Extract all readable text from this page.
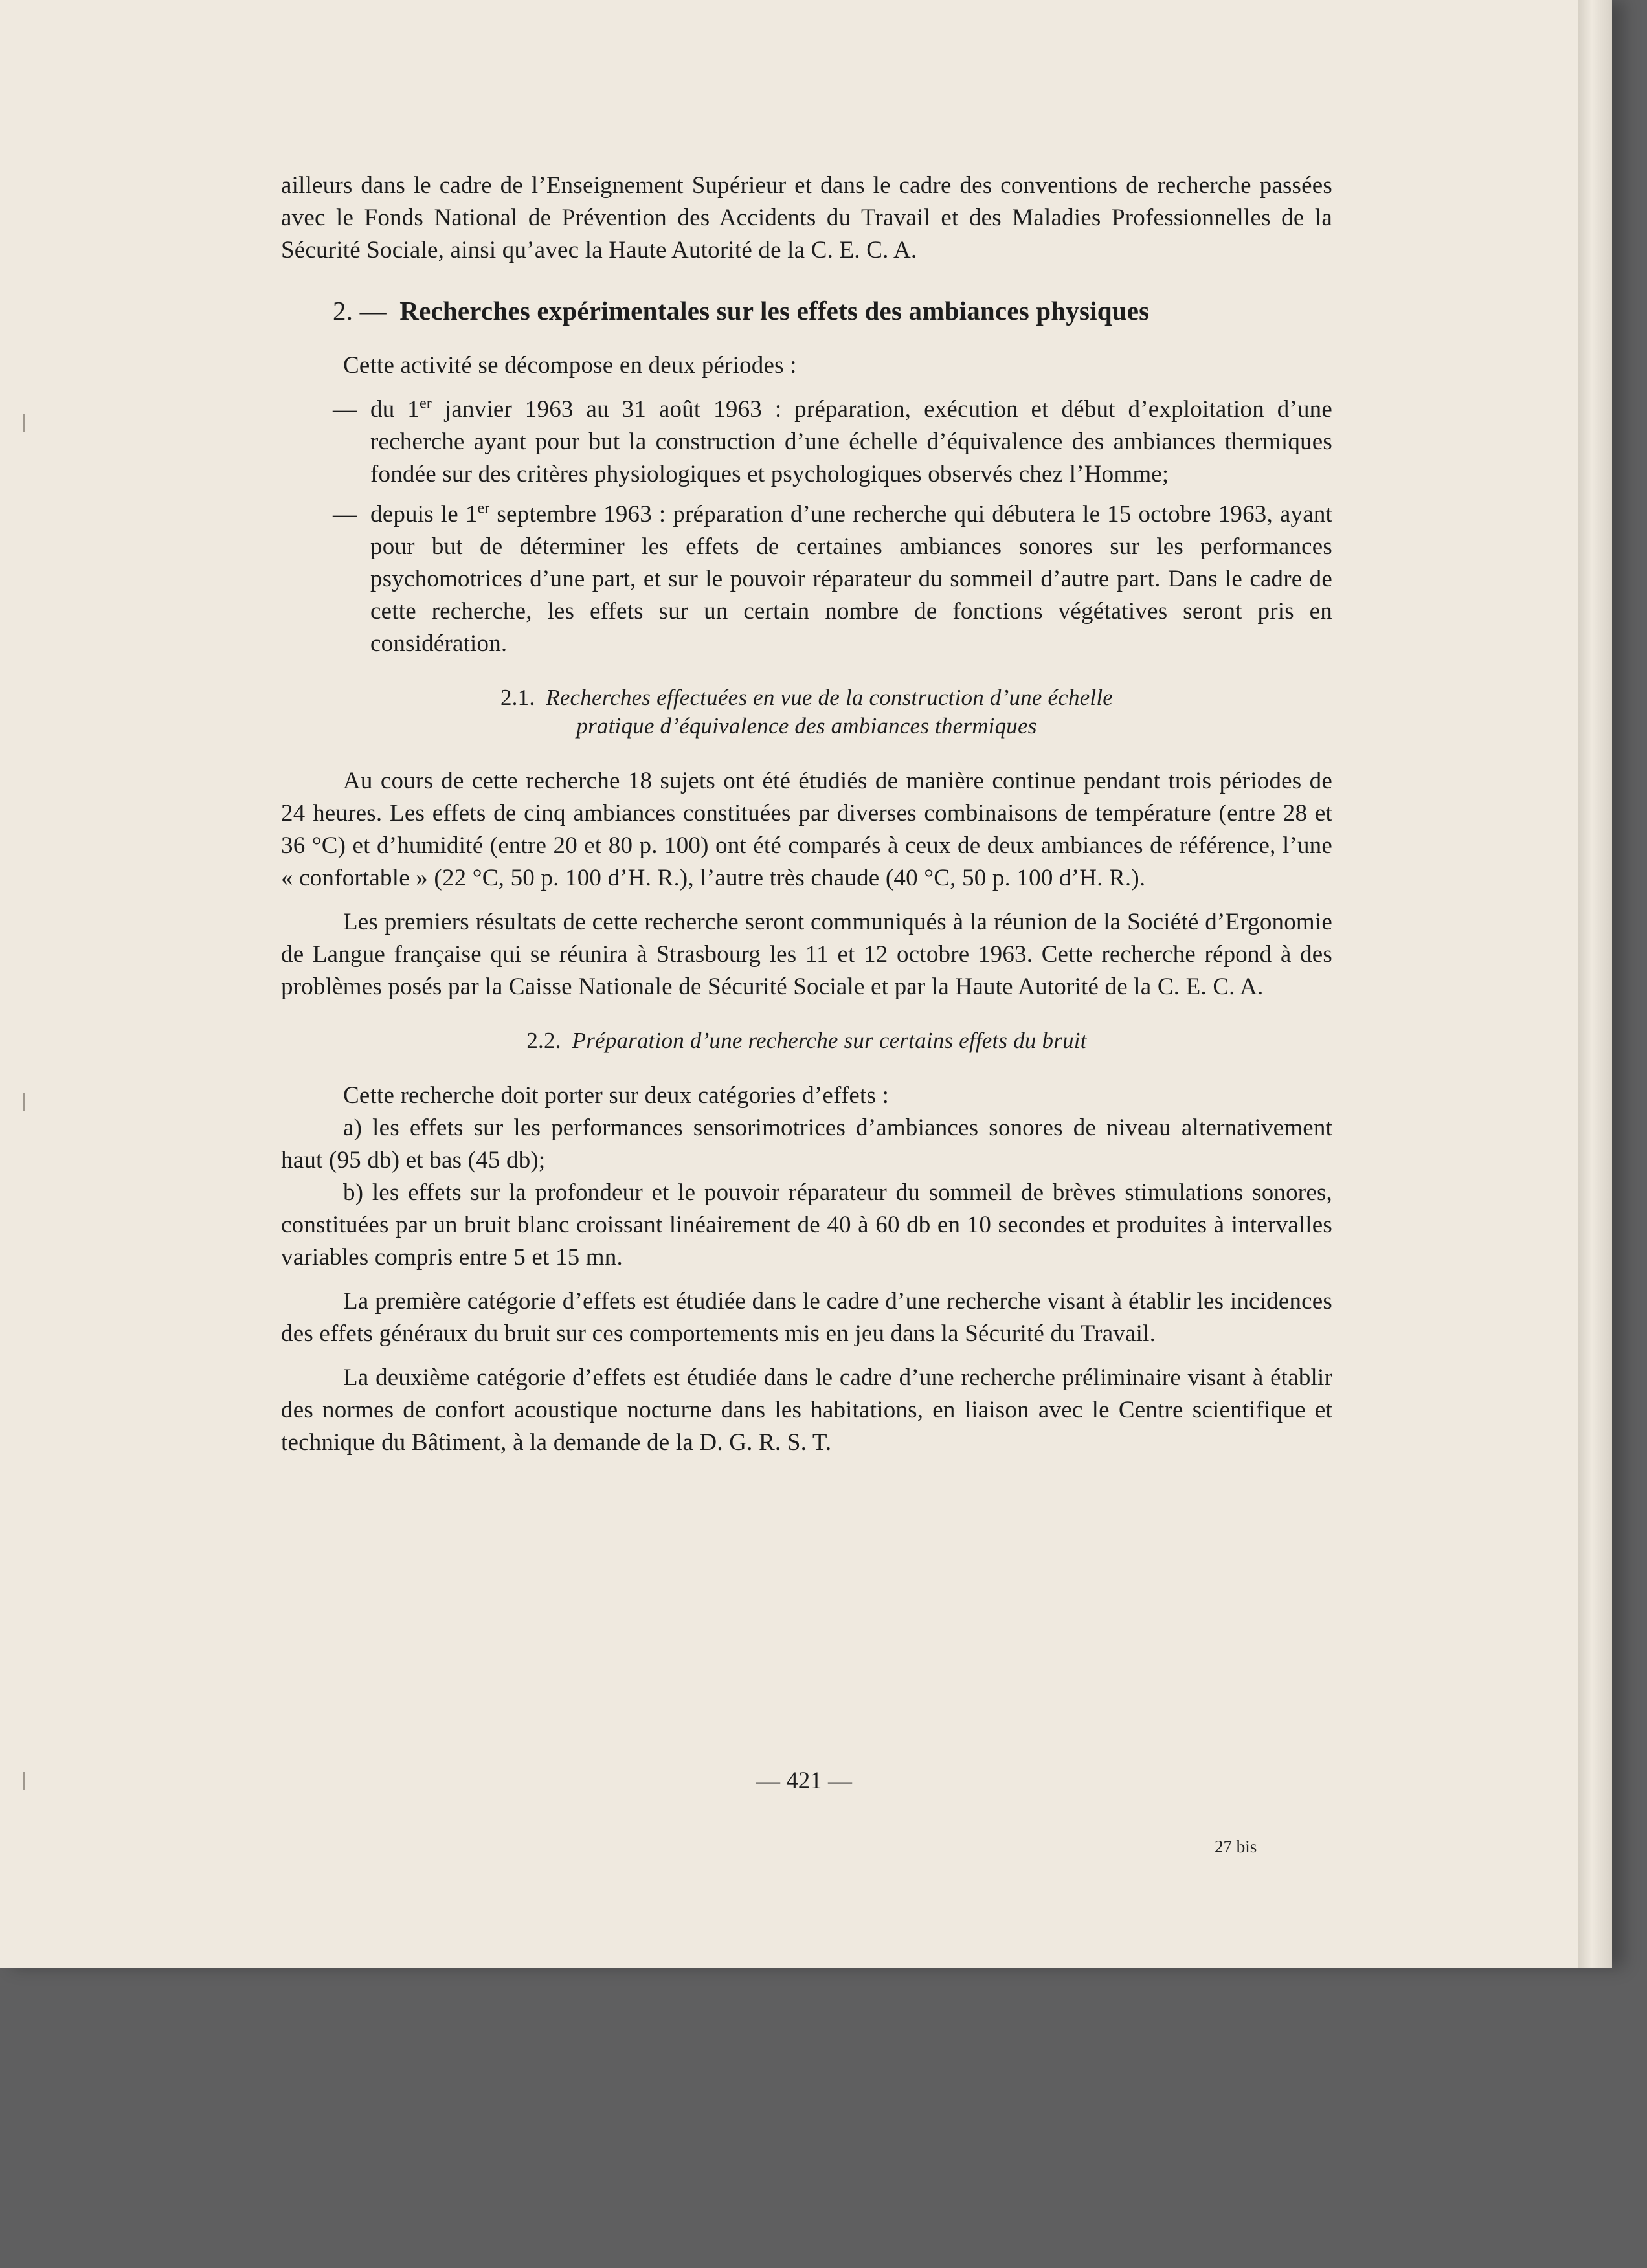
ailleurs dans le cadre de l’Enseignement Supérieur et dans le cadre des conventions de recherche passées avec le Fonds National de Prévention des Accidents du Travail et des Maladies Professionnelles de la Sécurité Sociale, ainsi qu’avec la Haute Autorité de la C. E. C. A.

2. — Recherches expérimentales sur les effets des ambiances physiques

Cette activité se décompose en deux périodes :

— du 1er janvier 1963 au 31 août 1963 : préparation, exécution et début d’exploitation d’une recherche ayant pour but la construction d’une échelle d’équivalence des ambiances thermiques fondée sur des critères physiologiques et psychologiques observés chez l’Homme;
— depuis le 1er septembre 1963 : préparation d’une recherche qui débutera le 15 octobre 1963, ayant pour but de déterminer les effets de certaines ambiances sonores sur les performances psychomotrices d’une part, et sur le pouvoir réparateur du sommeil d’autre part. Dans le cadre de cette recherche, les effets sur un certain nombre de fonctions végétatives seront pris en considération.
2.1. Recherches effectuées en vue de la construction d’une échelle
pratique d’équivalence des ambiances thermiques

Au cours de cette recherche 18 sujets ont été étudiés de manière continue pendant trois périodes de 24 heures. Les effets de cinq ambiances constituées par diverses combinaisons de température (entre 28 et 36 °C) et d’humidité (entre 20 et 80 p. 100) ont été comparés à ceux de deux ambiances de référence, l’une « confortable » (22 °C, 50 p. 100 d’H. R.), l’autre très chaude (40 °C, 50 p. 100 d’H. R.).

Les premiers résultats de cette recherche seront communiqués à la réunion de la Société d’Ergonomie de Langue française qui se réunira à Strasbourg les 11 et 12 octobre 1963. Cette recherche répond à des problèmes posés par la Caisse Nationale de Sécurité Sociale et par la Haute Autorité de la C. E. C. A.

2.2. Préparation d’une recherche sur certains effets du bruit

Cette recherche doit porter sur deux catégories d’effets :

a) les effets sur les performances sensorimotrices d’ambiances sonores de niveau alternativement haut (95 db) et bas (45 db);

b) les effets sur la profondeur et le pouvoir réparateur du sommeil de brèves stimulations sonores, constituées par un bruit blanc croissant linéairement de 40 à 60 db en 10 secondes et produites à intervalles variables compris entre 5 et 15 mn.

La première catégorie d’effets est étudiée dans le cadre d’une recherche visant à établir les incidences des effets généraux du bruit sur ces comportements mis en jeu dans la Sécurité du Travail.

La deuxième catégorie d’effets est étudiée dans le cadre d’une recherche préliminaire visant à établir des normes de confort acoustique nocturne dans les habitations, en liaison avec le Centre scientifique et technique du Bâtiment, à la demande de la D. G. R. S. T.

— 421 —
27 bis
